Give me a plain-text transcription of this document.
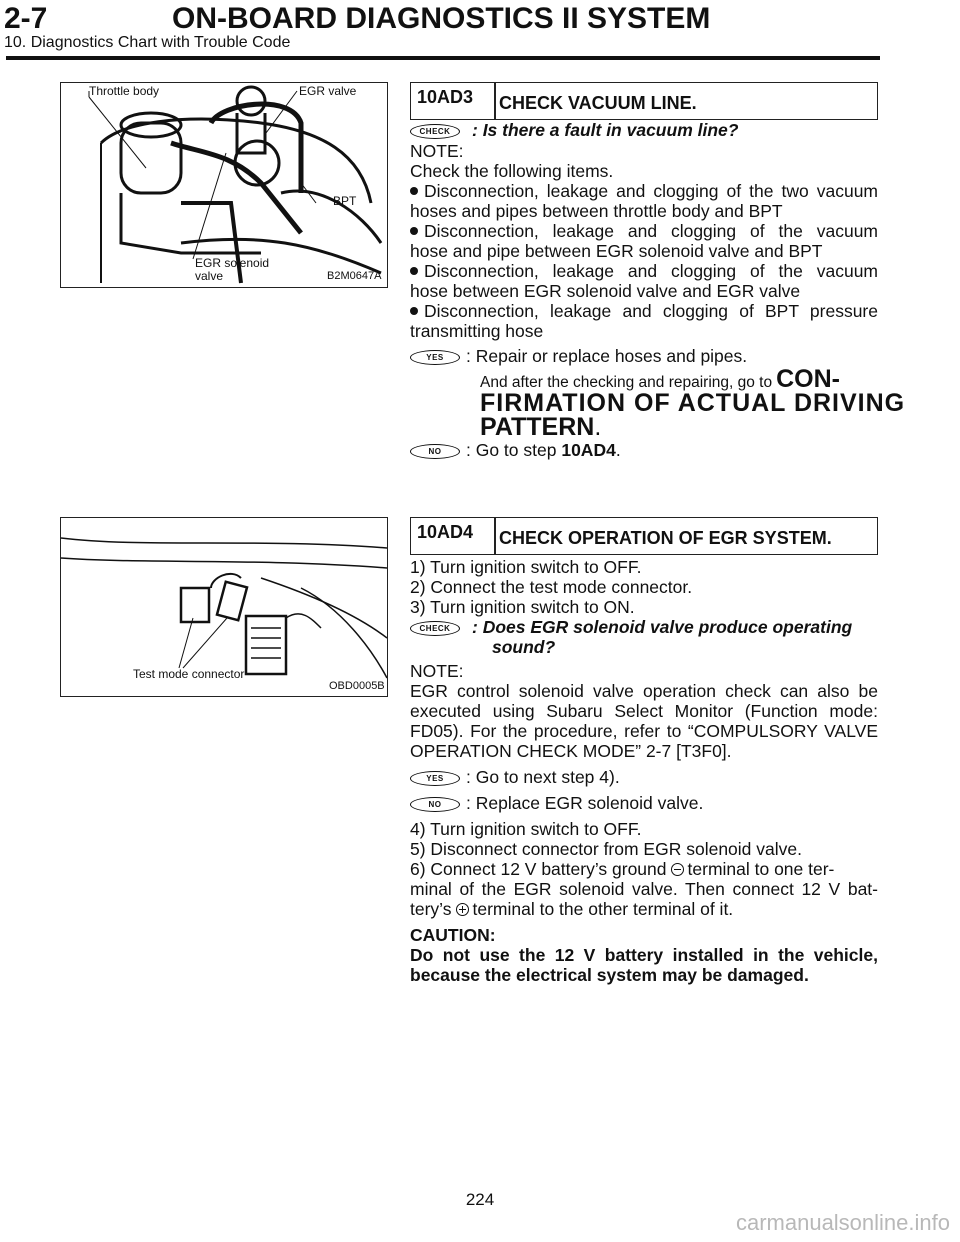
2-7	ON-BOARD DIAGNOSTICS II SYSTEM
10. Diagnostics Chart with Trouble Code
Throttle body	EGR valve
BPT
EGR solenoid
valve	B2M0647A
Test mode connector
OBD0005B
10AD3 CHECK VACUUM LINE.
CHECK	: Is there a fault in vacuum line?
NOTE:
Check the following items.
Disconnection, leakage and clogging of the two vacuum
hoses and pipes between throttle body and BPT
Disconnection, leakage and clogging of the vacuum
hose and pipe between EGR solenoid valve and BPT
Disconnection, leakage and clogging of the vacuum
hose between EGR solenoid valve and EGR valve
Disconnection, leakage and clogging of BPT pressure
transmitting hose
YES	: Repair or replace hoses and pipes.
And after the checking and repairing, go to CON-
FIRMATION OF ACTUAL DRIVING
PATTERN.
NO	: Go to step 10AD4.
10AD4 CHECK OPERATION OF EGR SYSTEM.
1) Turn ignition switch to OFF.
2) Connect the test mode connector.
3) Turn ignition switch to ON.
CHECK	: Does EGR solenoid valve produce operating
sound?
NOTE:
EGR control solenoid valve operation check can also be
executed using Subaru Select Monitor (Function mode:
FD05). For the procedure, refer to “COMPULSORY VALVE
OPERATION CHECK MODE” 2-7 [T3F0].
YES	: Go to next step 4).
NO	: Replace EGR solenoid valve.
4) Turn ignition switch to OFF.
5) Disconnect connector from EGR solenoid valve.
6) Connect 12 V battery’s ground terminal to one ter-
minal of the EGR solenoid valve. Then connect 12 V bat-
tery’s terminal to the other terminal of it.
CAUTION:
Do not use the 12 V battery installed in the vehicle,
because the electrical system may be damaged.
224
carmanualsonline.info
